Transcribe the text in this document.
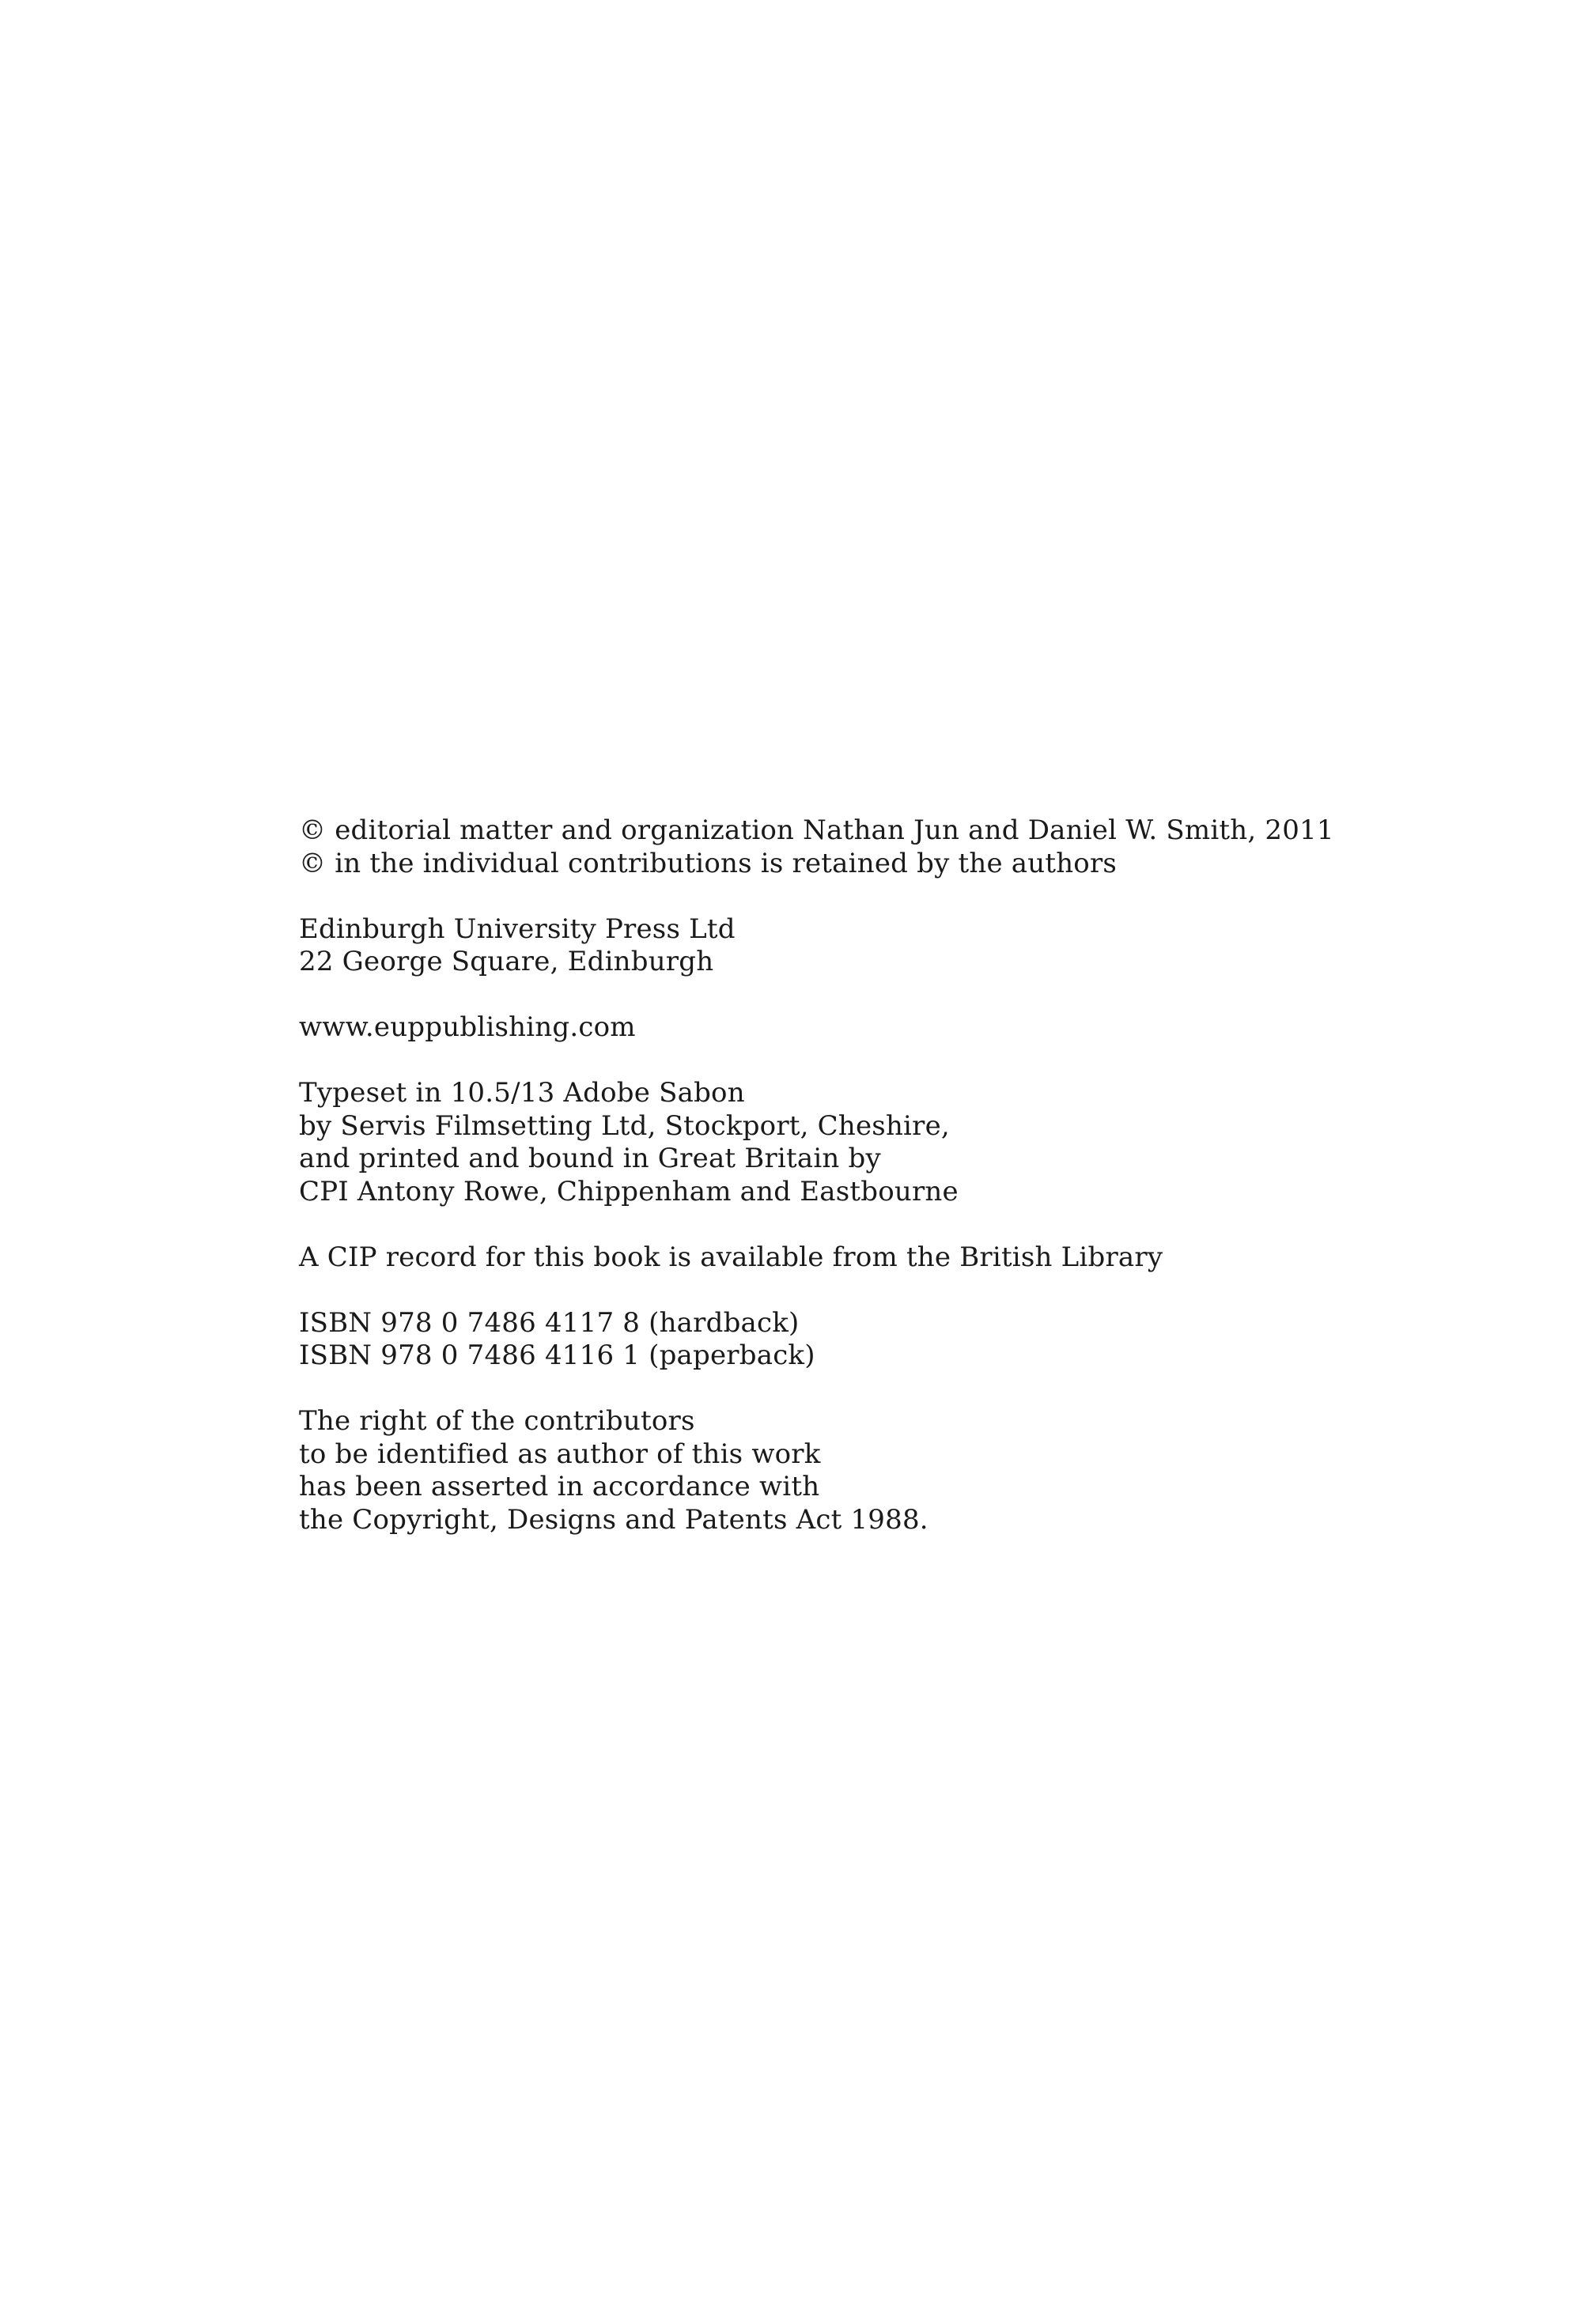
© editorial matter and organization Nathan Jun and Daniel W. Smith, 2011
© in the individual contributions is retained by the authors
Edinburgh University Press Ltd
22 George Square, Edinburgh
www.euppublishing.com
Typeset in 10.5/13 Adobe Sabon
by Servis Filmsetting Ltd, Stockport, Cheshire,
and printed and bound in Great Britain by
CPI Antony Rowe, Chippenham and Eastbourne
A CIP record for this book is available from the British Library
ISBN 978 0 7486 4117 8 (hardback)
ISBN 978 0 7486 4116 1 (paperback)
The right of the contributors
to be identified as author of this work
has been asserted in accordance with
the Copyright, Designs and Patents Act 1988.
